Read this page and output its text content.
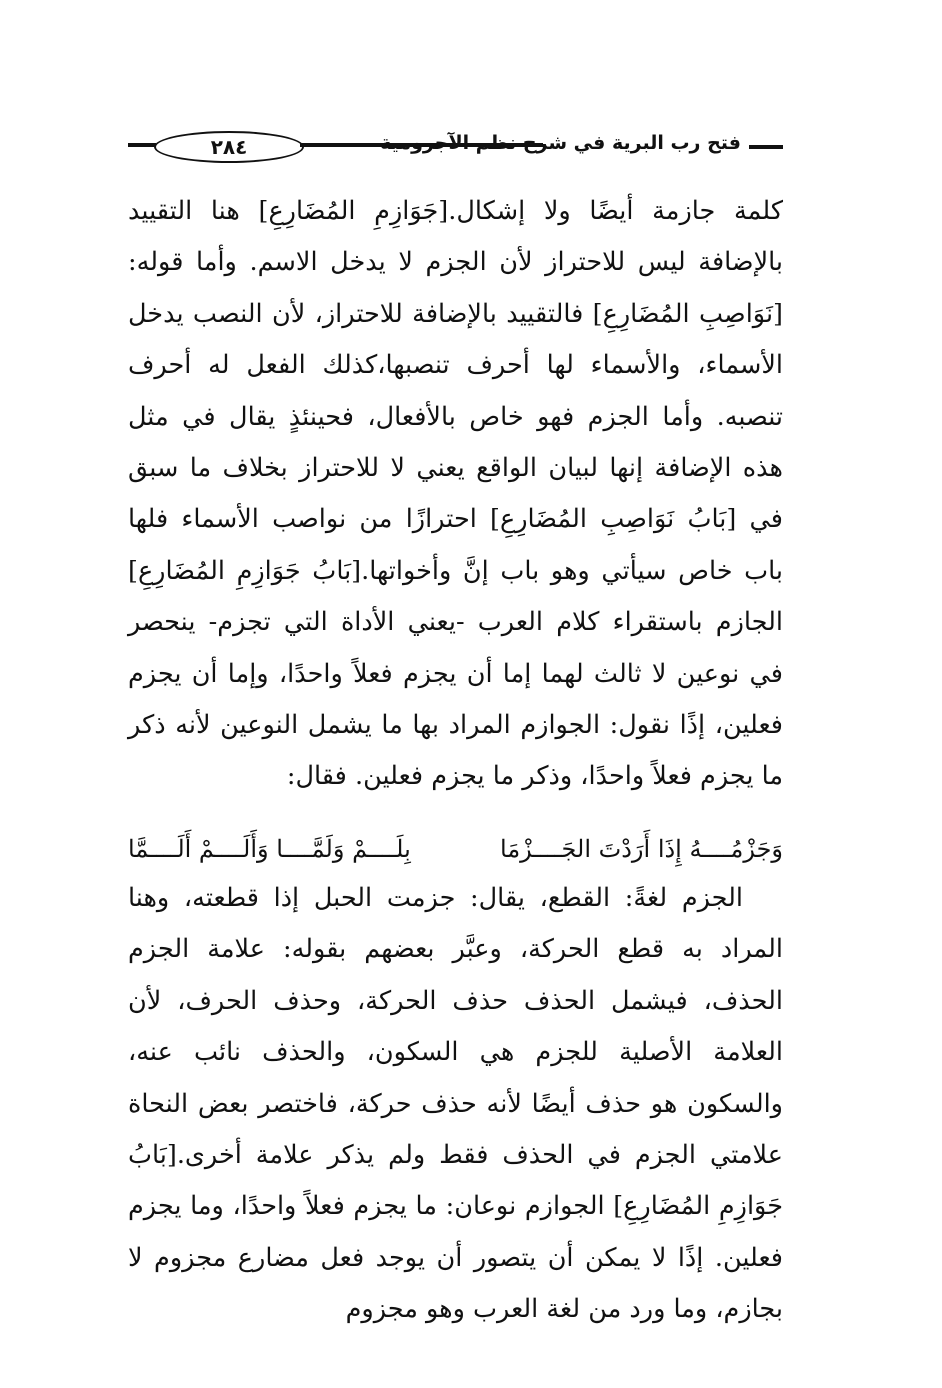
فتح رب البرية في شرح نظم الآجرومية
٢٨٤

كلمة جازمة أيضًا ولا إشكال.[جَوَازِمِ المُضَارِعِ] هنا التقييد بالإضافة ليس للاحتراز لأن الجزم لا يدخل الاسم. وأما قوله: [نَوَاصِبِ المُضَارِعِ] فالتقييد بالإضافة للاحتراز، لأن النصب يدخل الأسماء، والأسماء لها أحرف تنصبها،كذلك الفعل له أحرف تنصبه. وأما الجزم فهو خاص بالأفعال، فحينئذٍ يقال في مثل هذه الإضافة إنها لبيان الواقع يعني لا للاحتراز بخلاف ما سبق في [بَابُ نَوَاصِبِ المُضَارِعِ] احترازًا من نواصب الأسماء فلها باب خاص سيأتي وهو باب إنَّ وأخواتها.[بَابُ جَوَازِمِ المُضَارِعِ] الجازم باستقراء كلام العرب -يعني الأداة التي تجزم- ينحصر في نوعين لا ثالث لهما إما أن يجزم فعلاً واحدًا، وإما أن يجزم فعلين، إذًا نقول: الجوازم المراد بها ما يشمل النوعين لأنه ذكر ما يجزم فعلاً واحدًا، وذكر ما يجزم فعلين. فقال:

وَجَزْمُــــهُ إِذَا أَرَدْتَ الجَــــزْمَا
بِلَــــمْ وَلَمَّــــا وَأَلَــــمْ أَلَــــمَّا

الجزم لغةً: القطع، يقال: جزمت الحبل إذا قطعته، وهنا المراد به قطع الحركة، وعبَّر بعضهم بقوله: علامة الجزم الحذف، فيشمل الحذف حذف الحركة، وحذف الحرف، لأن العلامة الأصلية للجزم هي السكون، والحذف نائب عنه، والسكون هو حذف أيضًا لأنه حذف حركة، فاختصر بعض النحاة علامتي الجزم في الحذف فقط ولم يذكر علامة أخرى.[بَابُ جَوَازِمِ المُضَارِعِ] الجوازم نوعان: ما يجزم فعلاً واحدًا، وما يجزم فعلين. إذًا لا يمكن أن يتصور أن يوجد فعل مضارع مجزوم لا بجازم، وما ورد من لغة العرب وهو مجزوم
